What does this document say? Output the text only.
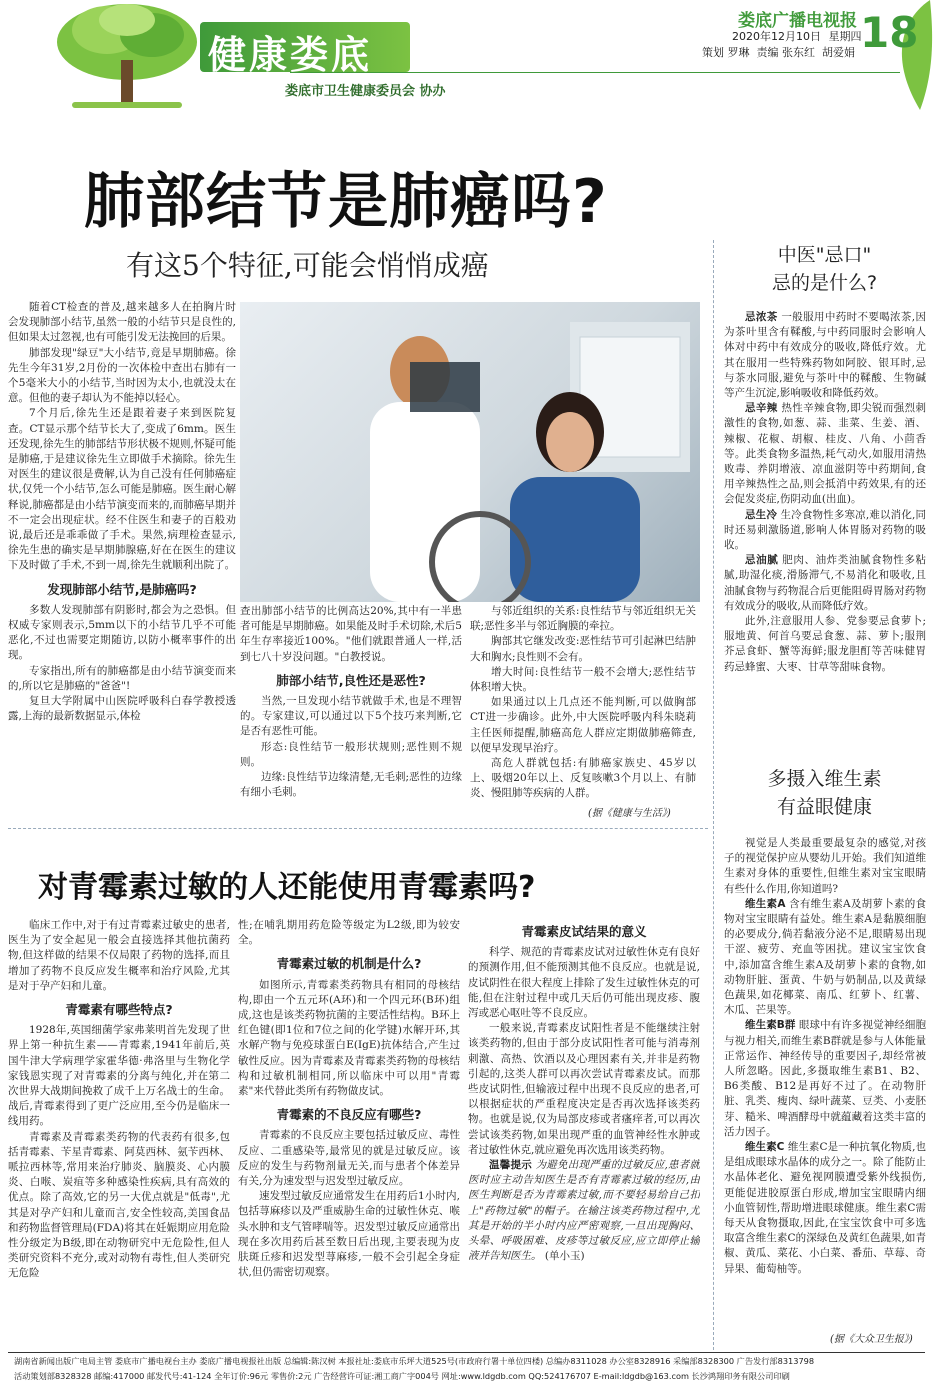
健康娄底
娄底市卫生健康委员会 协办
娄底广播电视报
2020年12月10日 星期四
策划 罗琳  责编 张东红  胡爱娟 18
肺部结节是肺癌吗?
有这5个特征,可能会悄悄成癌

随着CT检查的普及,越来越多人在拍胸片时会发现肺部小结节,虽然一般的小结节只是良性的,但如果太过忽视,也有可能引发无法挽回的后果。

肺部发现"绿豆"大小结节,竟是早期肺癌。徐先生今年31岁,2月份的一次体检中查出右肺有一个5毫米大小的小结节,当时因为太小,也就没太在意。但他的妻子却认为不能掉以轻心。

7个月后,徐先生还是跟着妻子来到医院复查。CT显示那个结节长大了,变成了6mm。医生还发现,徐先生的肺部结节形状极不规则,怀疑可能是肺癌,于是建议徐先生立即做手术摘除。徐先生对医生的建议很是费解,认为自己没有任何肺癌症状,仅凭一个小结节,怎么可能是肺癌。医生耐心解释说,肺癌都是由小结节演变而来的,而肺癌早期并不一定会出现症状。经不住医生和妻子的百般劝说,最后还是乖乖做了手术。果然,病理检查显示,徐先生患的确实是早期肺腺癌,好在在医生的建议下及时做了手术,不到一周,徐先生就顺利出院了。

发现肺部小结节,是肺癌吗?

多数人发现肺部有阴影时,都会为之恐惧。但权威专家则表示,5mm以下的小结节几乎不可能恶化,不过也需要定期随访,以防小概率事件的出现。

专家指出,所有的肺癌都是由小结节演变而来的,所以它是肺癌的"爸爸"!

复旦大学附属中山医院呼吸科白春学教授透露,上海的最新数据显示,体检

查出肺部小结节的比例高达20%,其中有一半患者可能是早期肺癌。如果能及时手术切除,术后5年生存率接近100%。"他们就跟普通人一样,活到七八十岁没问题。"白教授说。

肺部小结节,良性还是恶性?

当然,一旦发现小结节就做手术,也是不理智的。专家建议,可以通过以下5个技巧来判断,它是否有恶性可能。

形态:良性结节一般形状规则;恶性则不规则。

边缘:良性结节边缘清楚,无毛刺;恶性的边缘有细小毛刺。

与邻近组织的关系:良性结节与邻近组织无关联;恶性多半与邻近胸膜的牵拉。

胸部其它继发改变:恶性结节可引起淋巴结肿大和胸水;良性则不会有。

增大时间:良性结节一般不会增大;恶性结节体积增大快。

如果通过以上几点还不能判断,可以做胸部CT进一步确诊。此外,中大医院呼吸内科朱晓莉主任医师提醒,肺癌高危人群应定期做肺癌筛查,以便早发现早治疗。

高危人群就包括:有肺癌家族史、45岁以上、吸烟20年以上、反复咳嗽3个月以上、有肺炎、慢阻肺等疾病的人群。

(据《健康与生活》)
中医"忌口"
忌的是什么?

忌浓茶 一般服用中药时不要喝浓茶,因为茶叶里含有鞣酸,与中药同服时会影响人体对中药中有效成分的吸收,降低疗效。尤其在服用一些特殊药物如阿胶、银耳时,忌与茶水同服,避免与茶叶中的鞣酸、生物碱等产生沉淀,影响吸收和降低药效。

忌辛辣 热性辛辣食物,即尖锐而强烈刺激性的食物,如葱、蒜、韭菜、生姜、酒、辣椒、花椒、胡椒、桂皮、八角、小茴香等。此类食物多温热,耗气动火,如服用清热败毒、养阴增液、凉血滋阴等中药期间,食用辛辣热性之品,则会抵消中药效果,有的还会促发炎症,伤阴动血(出血)。

忌生冷 生冷食物性多寒凉,难以消化,同时还易刺激肠道,影响人体胃肠对药物的吸收。

忌油腻 肥肉、油炸类油腻食物性多粘腻,助湿化痰,滑肠滞气,不易消化和吸收,且油腻食物与药物混合后更能阻碍胃肠对药物有效成分的吸收,从而降低疗效。

此外,注意服用人参、党参要忌食萝卜;服地黄、何首乌要忌食葱、蒜、萝卜;服荆芥忌食虾、蟹等海鲜;服龙胆酊等苦味健胃药忌蜂蜜、大枣、甘草等甜味食物。

多摄入维生素
有益眼健康

视觉是人类最重要最复杂的感觉,对孩子的视觉保护应从婴幼儿开始。我们知道维生素对身体的重要性,但维生素对宝宝眼睛有些什么作用,你知道吗?

维生素A 含有维生素A及胡萝卜素的食物对宝宝眼睛有益处。维生素A是黏膜细胞的必要成分,倘若黏液分泌不足,眼睛易出现干涩、疲劳、充血等困扰。建议宝宝饮食中,添加富含维生素A及胡萝卜素的食物,如动物肝脏、蛋黄、牛奶与奶制品,以及黄绿色蔬果,如花椰菜、南瓜、红萝卜、红薯、木瓜、芒果等。

维生素B群 眼球中有许多视觉神经细胞与视力相关,而维生素B群就是参与人体能量正常运作、神经传导的重要因子,却经常被人所忽略。因此,多摄取维生素B1、B2、B6类酸、B12是再好不过了。在动物肝脏、乳类、瘦肉、绿叶蔬菜、豆类、小麦胚芽、糙米、啤酒酵母中就蕴藏着这类丰富的活力因子。

维生素C 维生素C是一种抗氧化物质,也是组成眼球水晶体的成分之一。除了能防止水晶体老化、避免视网膜遭受紫外线损伤,更能促进胶原蛋白形成,增加宝宝眼睛内细小血管韧性,帮助增进眼球健康。维生素C需每天从食物摄取,因此,在宝宝饮食中可多选取富含维生素C的深绿色及黄红色蔬果,如青椒、黄瓜、菜花、小白菜、番茄、草莓、奇异果、葡萄柚等。

(据《大众卫生报》)
对青霉素过敏的人还能使用青霉素吗?

临床工作中,对于有过青霉素过敏史的患者,医生为了安全起见一般会直接选择其他抗菌药物,但这样做的结果不仅局限了药物的选择,而且增加了药物不良反应发生概率和治疗风险,尤其是对于孕产妇和儿童。

青霉素有哪些特点?

1928年,英国细菌学家弗莱明首先发现了世界上第一种抗生素——青霉素,1941年前后,英国牛津大学病理学家霍华德·弗洛里与生物化学家钱恩实现了对青霉素的分离与纯化,并在第二次世界大战期间挽救了成千上万名战士的生命。战后,青霉素得到了更广泛应用,至今仍是临床一线用药。

青霉素及青霉素类药物的代表药有很多,包括青霉素、苄星青霉素、阿莫西林、氨苄西林、哌拉西林等,常用来治疗肺炎、脑膜炎、心内膜炎、白喉、炭疽等多种感染性疾病,具有高效的优点。除了高效,它的另一大优点就是"低毒",尤其是对孕产妇和儿童而言,安全性较高,美国食品和药物监督管理局(FDA)将其在妊娠期应用危险性分级定为B级,即在动物研究中无危险性,但人类研究资料不充分,或对动物有毒性,但人类研究无危险

性;在哺乳期用药危险等级定为L2级,即为较安全。

青霉素过敏的机制是什么?

如图所示,青霉素类药物具有相同的母核结构,即由一个五元环(A环)和一个四元环(B环)组成,这也是该类药物抗菌的主要活性结构。B环上红色键(即1位和7位之间的化学键)水解开环,其水解产物与免疫球蛋白E(IgE)抗体结合,产生过敏性反应。因为青霉素及青霉素类药物的母核结构和过敏机制相同,所以临床中可以用"青霉素"来代替此类所有药物做皮试。

青霉素的不良反应有哪些?

青霉素的不良反应主要包括过敏反应、毒性反应、二重感染等,最常见的就是过敏反应。该反应的发生与药物剂量无关,而与患者个体差异有关,分为速发型与迟发型过敏反应。

速发型过敏反应通常发生在用药后1小时内,包括荨麻疹以及严重威胁生命的过敏性休克、喉头水肿和支气管哮喘等。迟发型过敏反应通常出现在多次用药后甚至数日后出现,主要表现为皮肤斑丘疹和迟发型荨麻疹,一般不会引起全身症状,但仍需密切观察。

青霉素皮试结果的意义

科学、规范的青霉素皮试对过敏性休克有良好的预测作用,但不能预测其他不良反应。也就是说,皮试阴性在很大程度上排除了发生过敏性休克的可能,但在注射过程中或几天后仍可能出现皮疹、腹泻或恶心呕吐等不良反应。

一般来说,青霉素皮试阳性者是不能继续注射该类药物的,但由于部分皮试阳性者可能与消毒剂刺激、高热、饮酒以及心理因素有关,并非是药物引起的,这类人群可以再次尝试青霉素皮试。而那些皮试阴性,但输液过程中出现不良反应的患者,可以根据症状的严重程度决定是否再次选择该类药物。也就是说,仅为局部皮疹或者瘙痒者,可以再次尝试该类药物,如果出现严重的血管神经性水肿或者过敏性休克,就应避免再次选用该类药物。

温馨提示 为避免出现严重的过敏反应,患者就医时应主动告知医生是否有青霉素过敏的经历,由医生判断是否为青霉素过敏,而不要轻易给自己扣上"药物过敏"的帽子。在输注该类药物过程中,尤其是开始的半小时内应严密观察,一旦出现胸闷、头晕、呼吸困难、皮疹等过敏反应,应立即停止输液并告知医生。 (单小玉)

湖南省新闻出版广电局主管 娄底市广播电视台主办 娄底广播电视报社出版 总编辑:陈汉树 本报社址:娄底市乐坪大道525号(市政府行署十单位四楼) 总编办8311028 办公室8328916 采编部8328300 广告发行部8313798
活动策划部8328328 邮编:417000 邮发代号:41-124 全年订价:96元 零售价:2元 广告经营许可证:湘工商广字004号 网址:www.ldgdb.com QQ:524176707 E-mail:ldgdb@163.com 长沙鸿翔印务有限公司印刷
